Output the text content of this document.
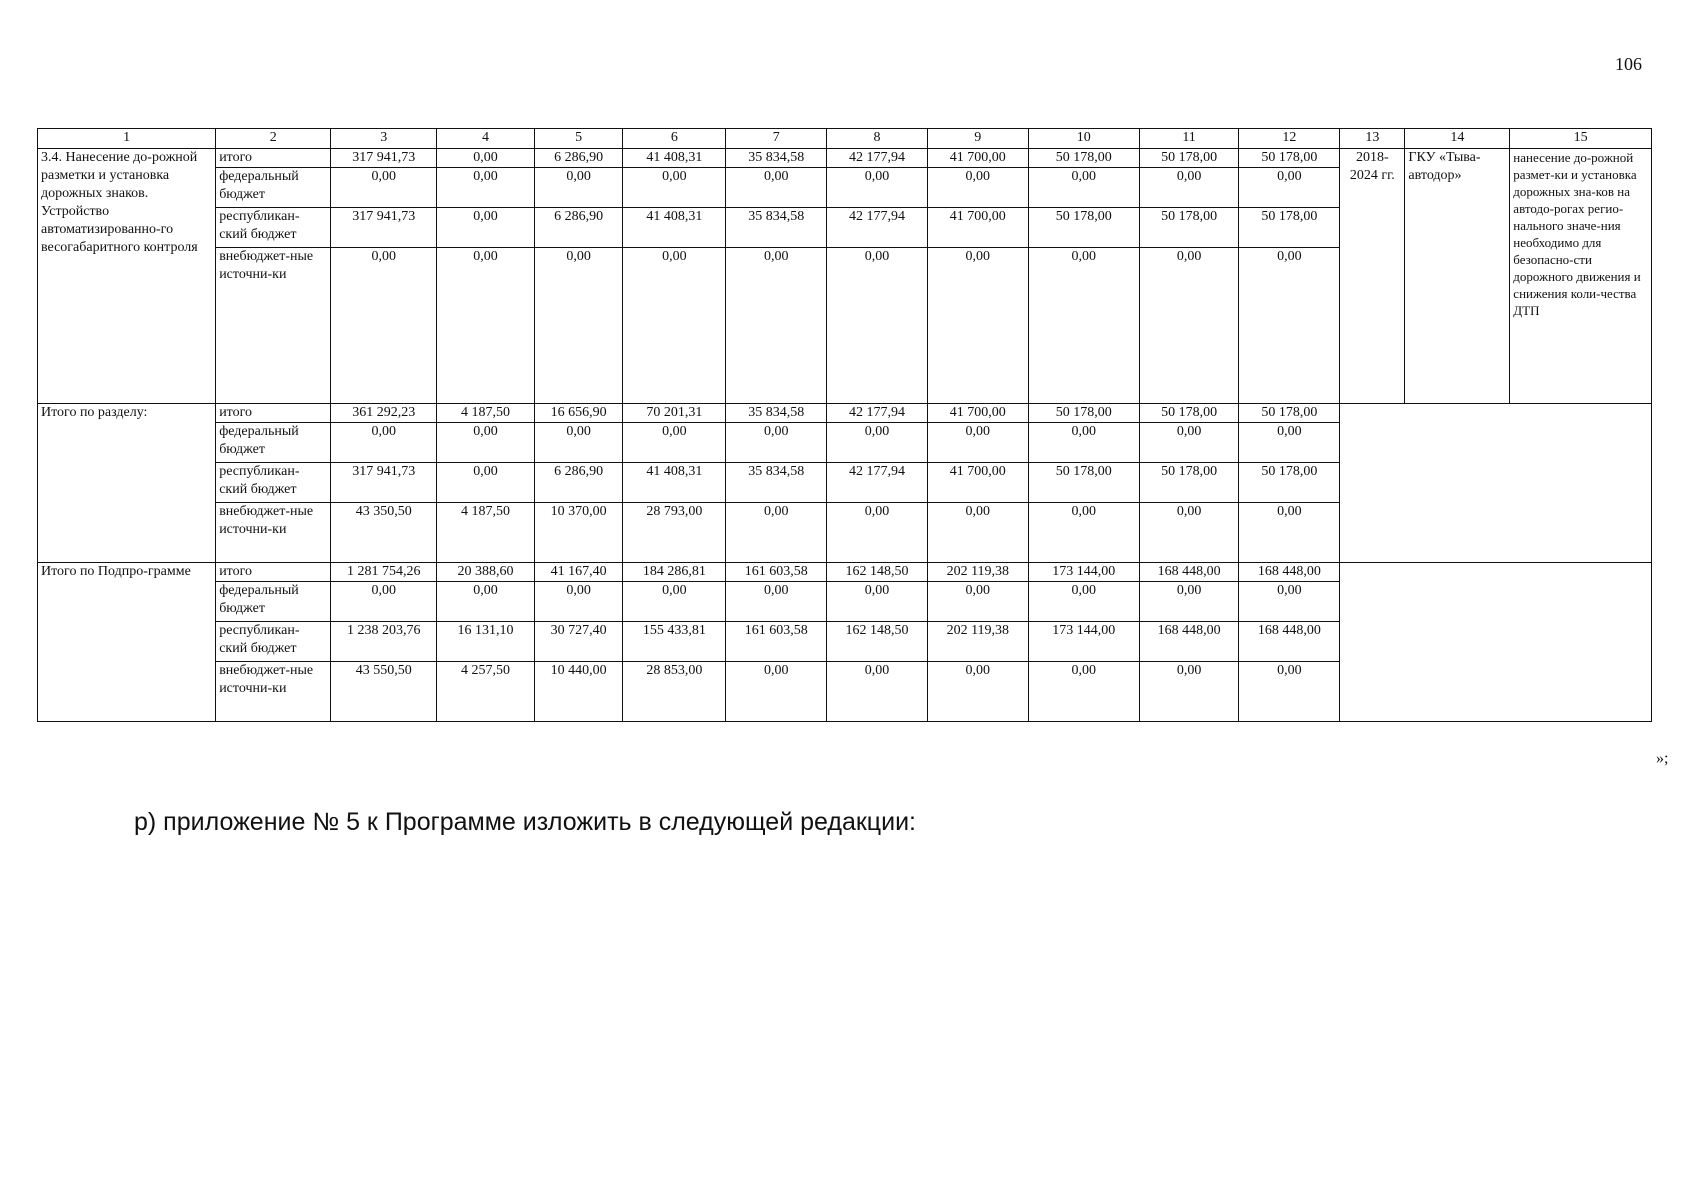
106
1	2	3	4	5	6	7	8	9	10	11	12	13	14	15
3.4. Нанесение до-рожной разметки и установка дорожных знаков. Устройство автоматизированно-го весогабаритного контроля	итого	317 941,73	0,00	6 286,90	41 408,31	35 834,58	42 177,94	41 700,00	50 178,00	50 178,00	50 178,00	2018-2024 гг.	ГКУ «Тыва-автодор»	нанесение до-рожной размет-ки и установка дорожных зна-ков на автодо-рогах регио-нального значе-ния необходимо для безопасно-сти дорожного движения и снижения коли-чества ДТП
	федеральный бюджет	0,00	0,00	0,00	0,00	0,00	0,00	0,00	0,00	0,00	0,00			
	республикан-ский бюджет	317 941,73	0,00	6 286,90	41 408,31	35 834,58	42 177,94	41 700,00	50 178,00	50 178,00	50 178,00			
	внебюджет-ные источни-ки	0,00	0,00	0,00	0,00	0,00	0,00	0,00	0,00	0,00	0,00			
Итого по разделу:	итого	361 292,23	4 187,50	16 656,90	70 201,31	35 834,58	42 177,94	41 700,00	50 178,00	50 178,00	50 178,00			
	федеральный бюджет	0,00	0,00	0,00	0,00	0,00	0,00	0,00	0,00	0,00	0,00			
	республикан-ский бюджет	317 941,73	0,00	6 286,90	41 408,31	35 834,58	42 177,94	41 700,00	50 178,00	50 178,00	50 178,00			
	внебюджет-ные источни-ки	43 350,50	4 187,50	10 370,00	28 793,00	0,00	0,00	0,00	0,00	0,00	0,00			
Итого по Подпро-грамме	итого	1 281 754,26	20 388,60	41 167,40	184 286,81	161 603,58	162 148,50	202 119,38	173 144,00	168 448,00	168 448,00			
	федеральный бюджет	0,00	0,00	0,00	0,00	0,00	0,00	0,00	0,00	0,00	0,00			
	республикан-ский бюджет	1 238 203,76	16 131,10	30 727,40	155 433,81	161 603,58	162 148,50	202 119,38	173 144,00	168 448,00	168 448,00			
	внебюджет-ные источни-ки	43 550,50	4 257,50	10 440,00	28 853,00	0,00	0,00	0,00	0,00	0,00	0,00			
»;
р) приложение № 5 к Программе изложить в следующей редакции:
